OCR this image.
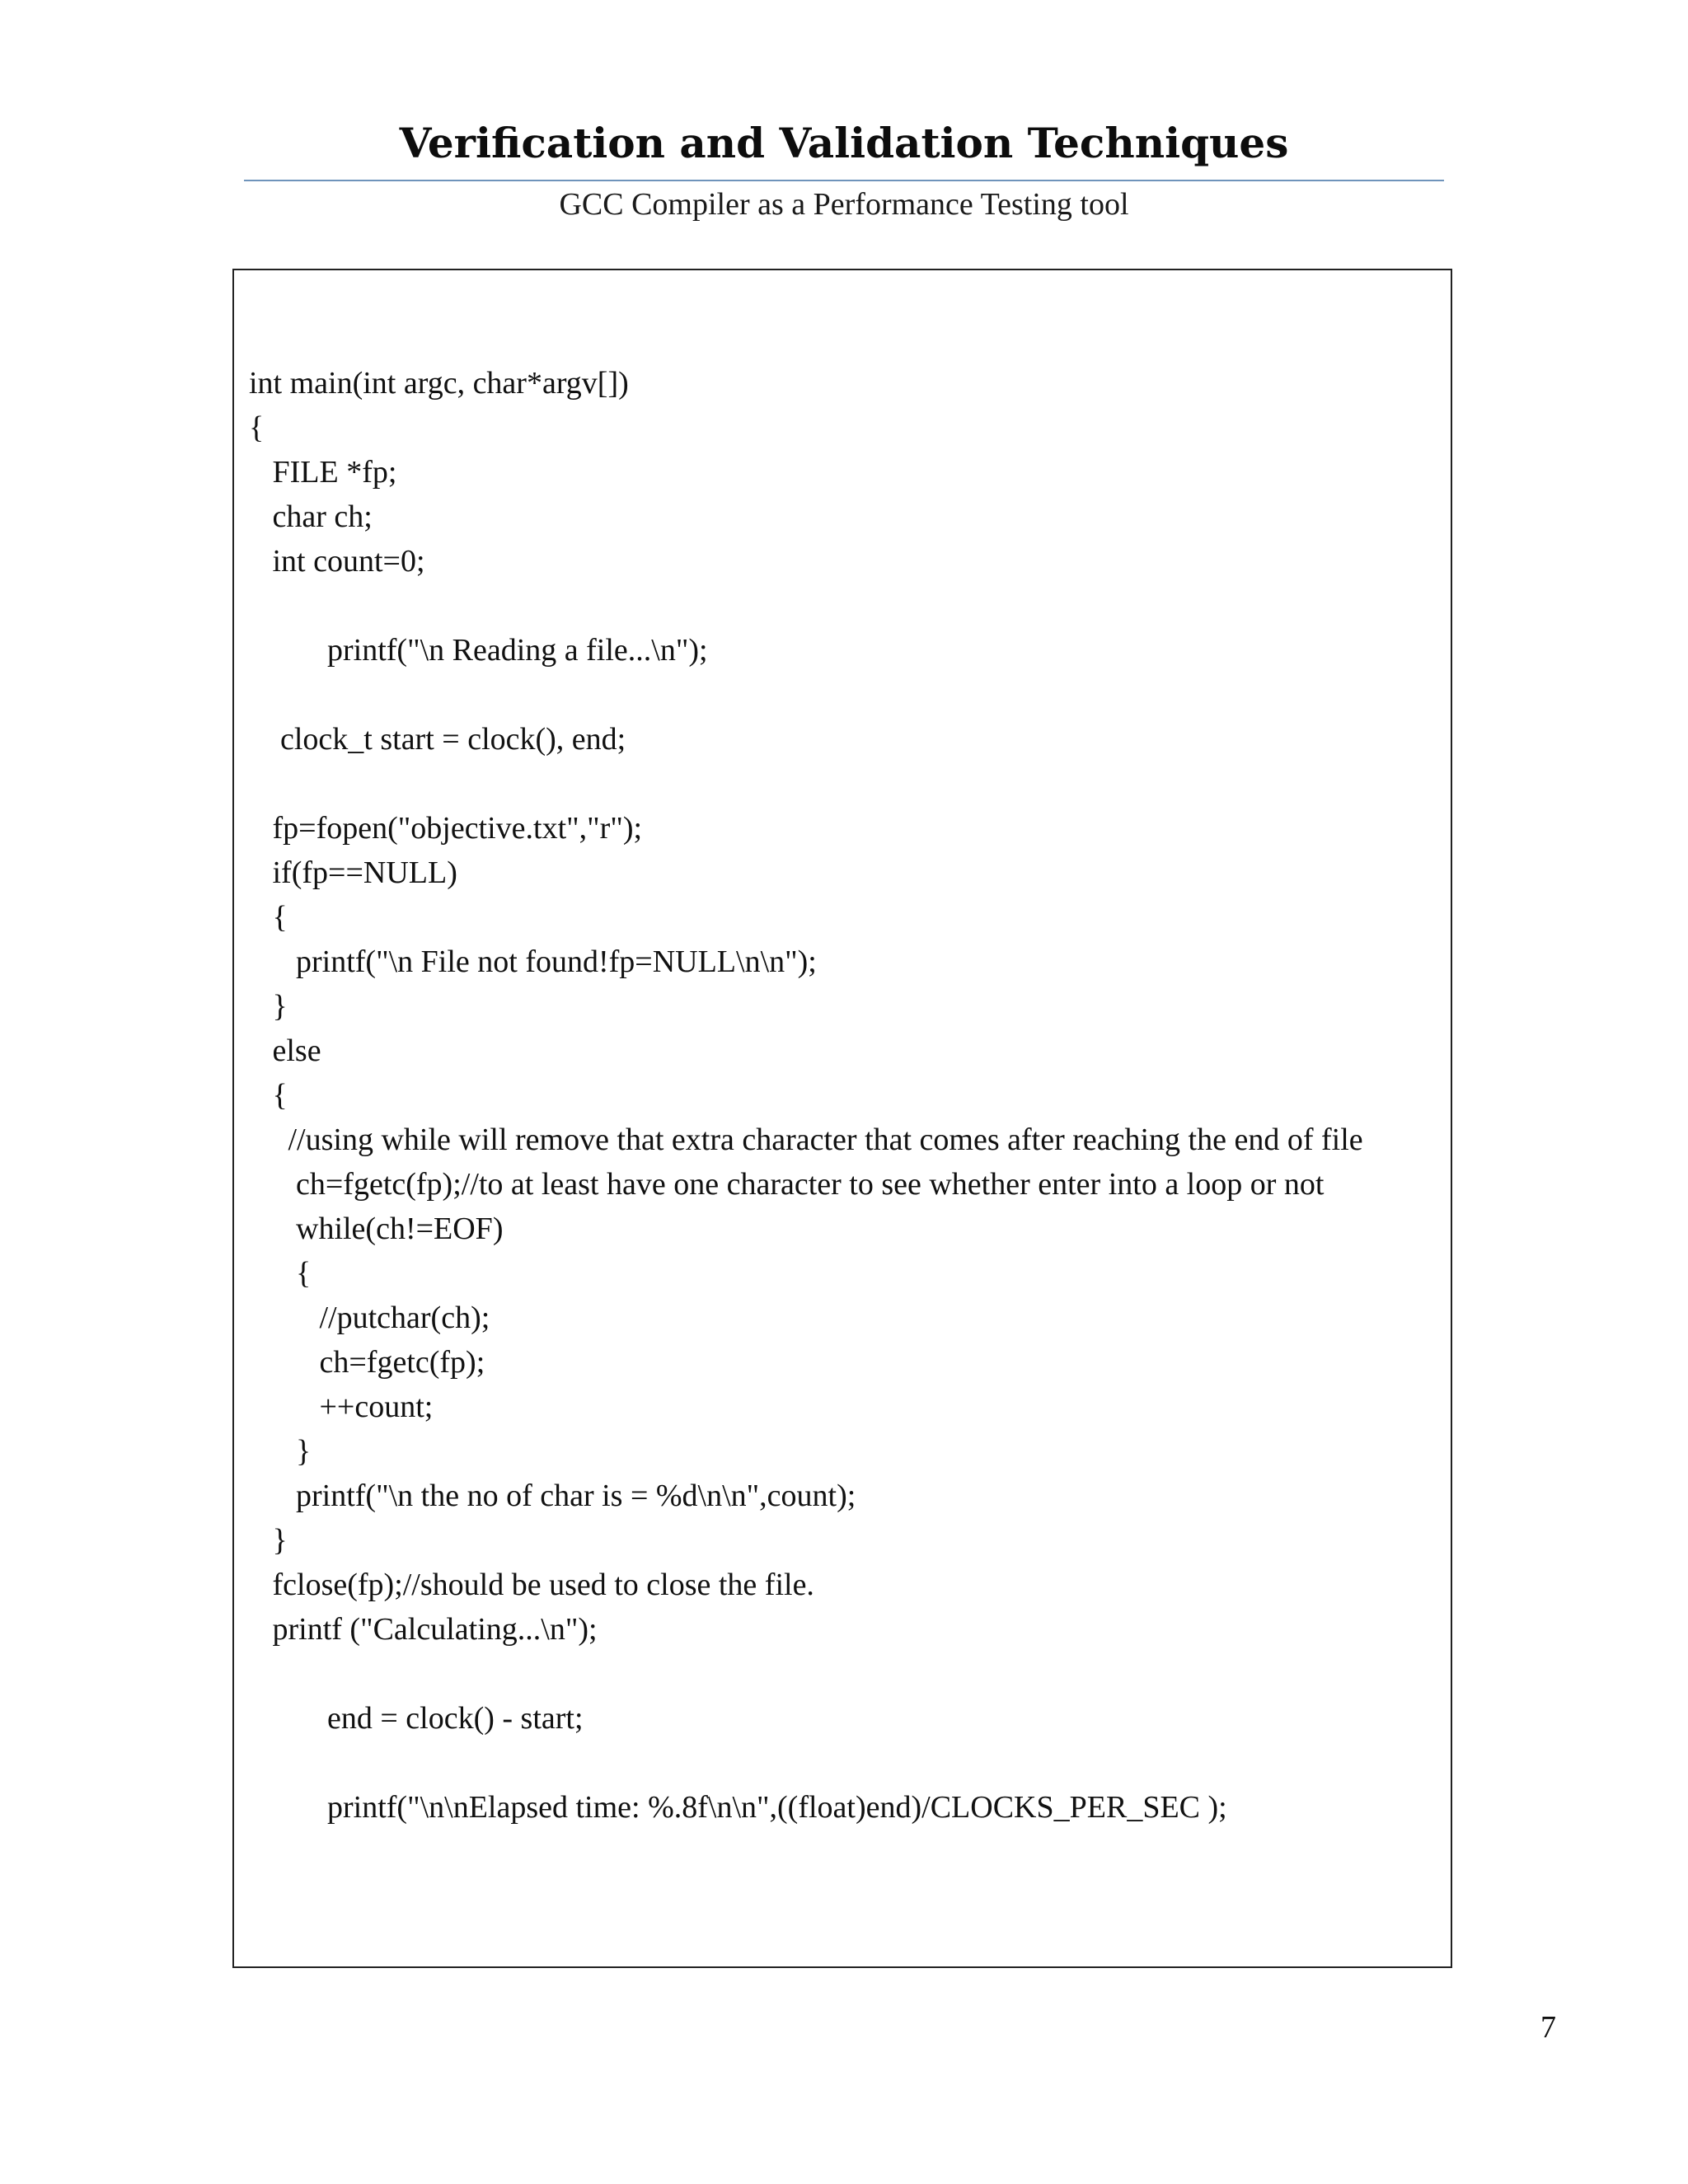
Verification and Validation Techniques
GCC Compiler as a Performance Testing tool
int main(int argc, char*argv[])
{
FILE *fp;
char ch;
int count=0;
printf("\n Reading a file...\n");
clock_t start = clock(), end;
fp=fopen("objective.txt","r");
if(fp==NULL)
{
printf("\n File not found!fp=NULL\n\n");
}
else
{
//using while will remove that extra character that comes after reaching the end of file
ch=fgetc(fp);//to at least have one character to see whether enter into a loop or not
while(ch!=EOF)
{
//putchar(ch);
ch=fgetc(fp);
++count;
}
printf("\n the no of char is = %d\n\n",count);
}
fclose(fp);//should be used to close the file.
printf ("Calculating...\n");
end = clock() - start;
printf("\n\nElapsed time: %.8f\n\n",((float)end)/CLOCKS_PER_SEC );
7
